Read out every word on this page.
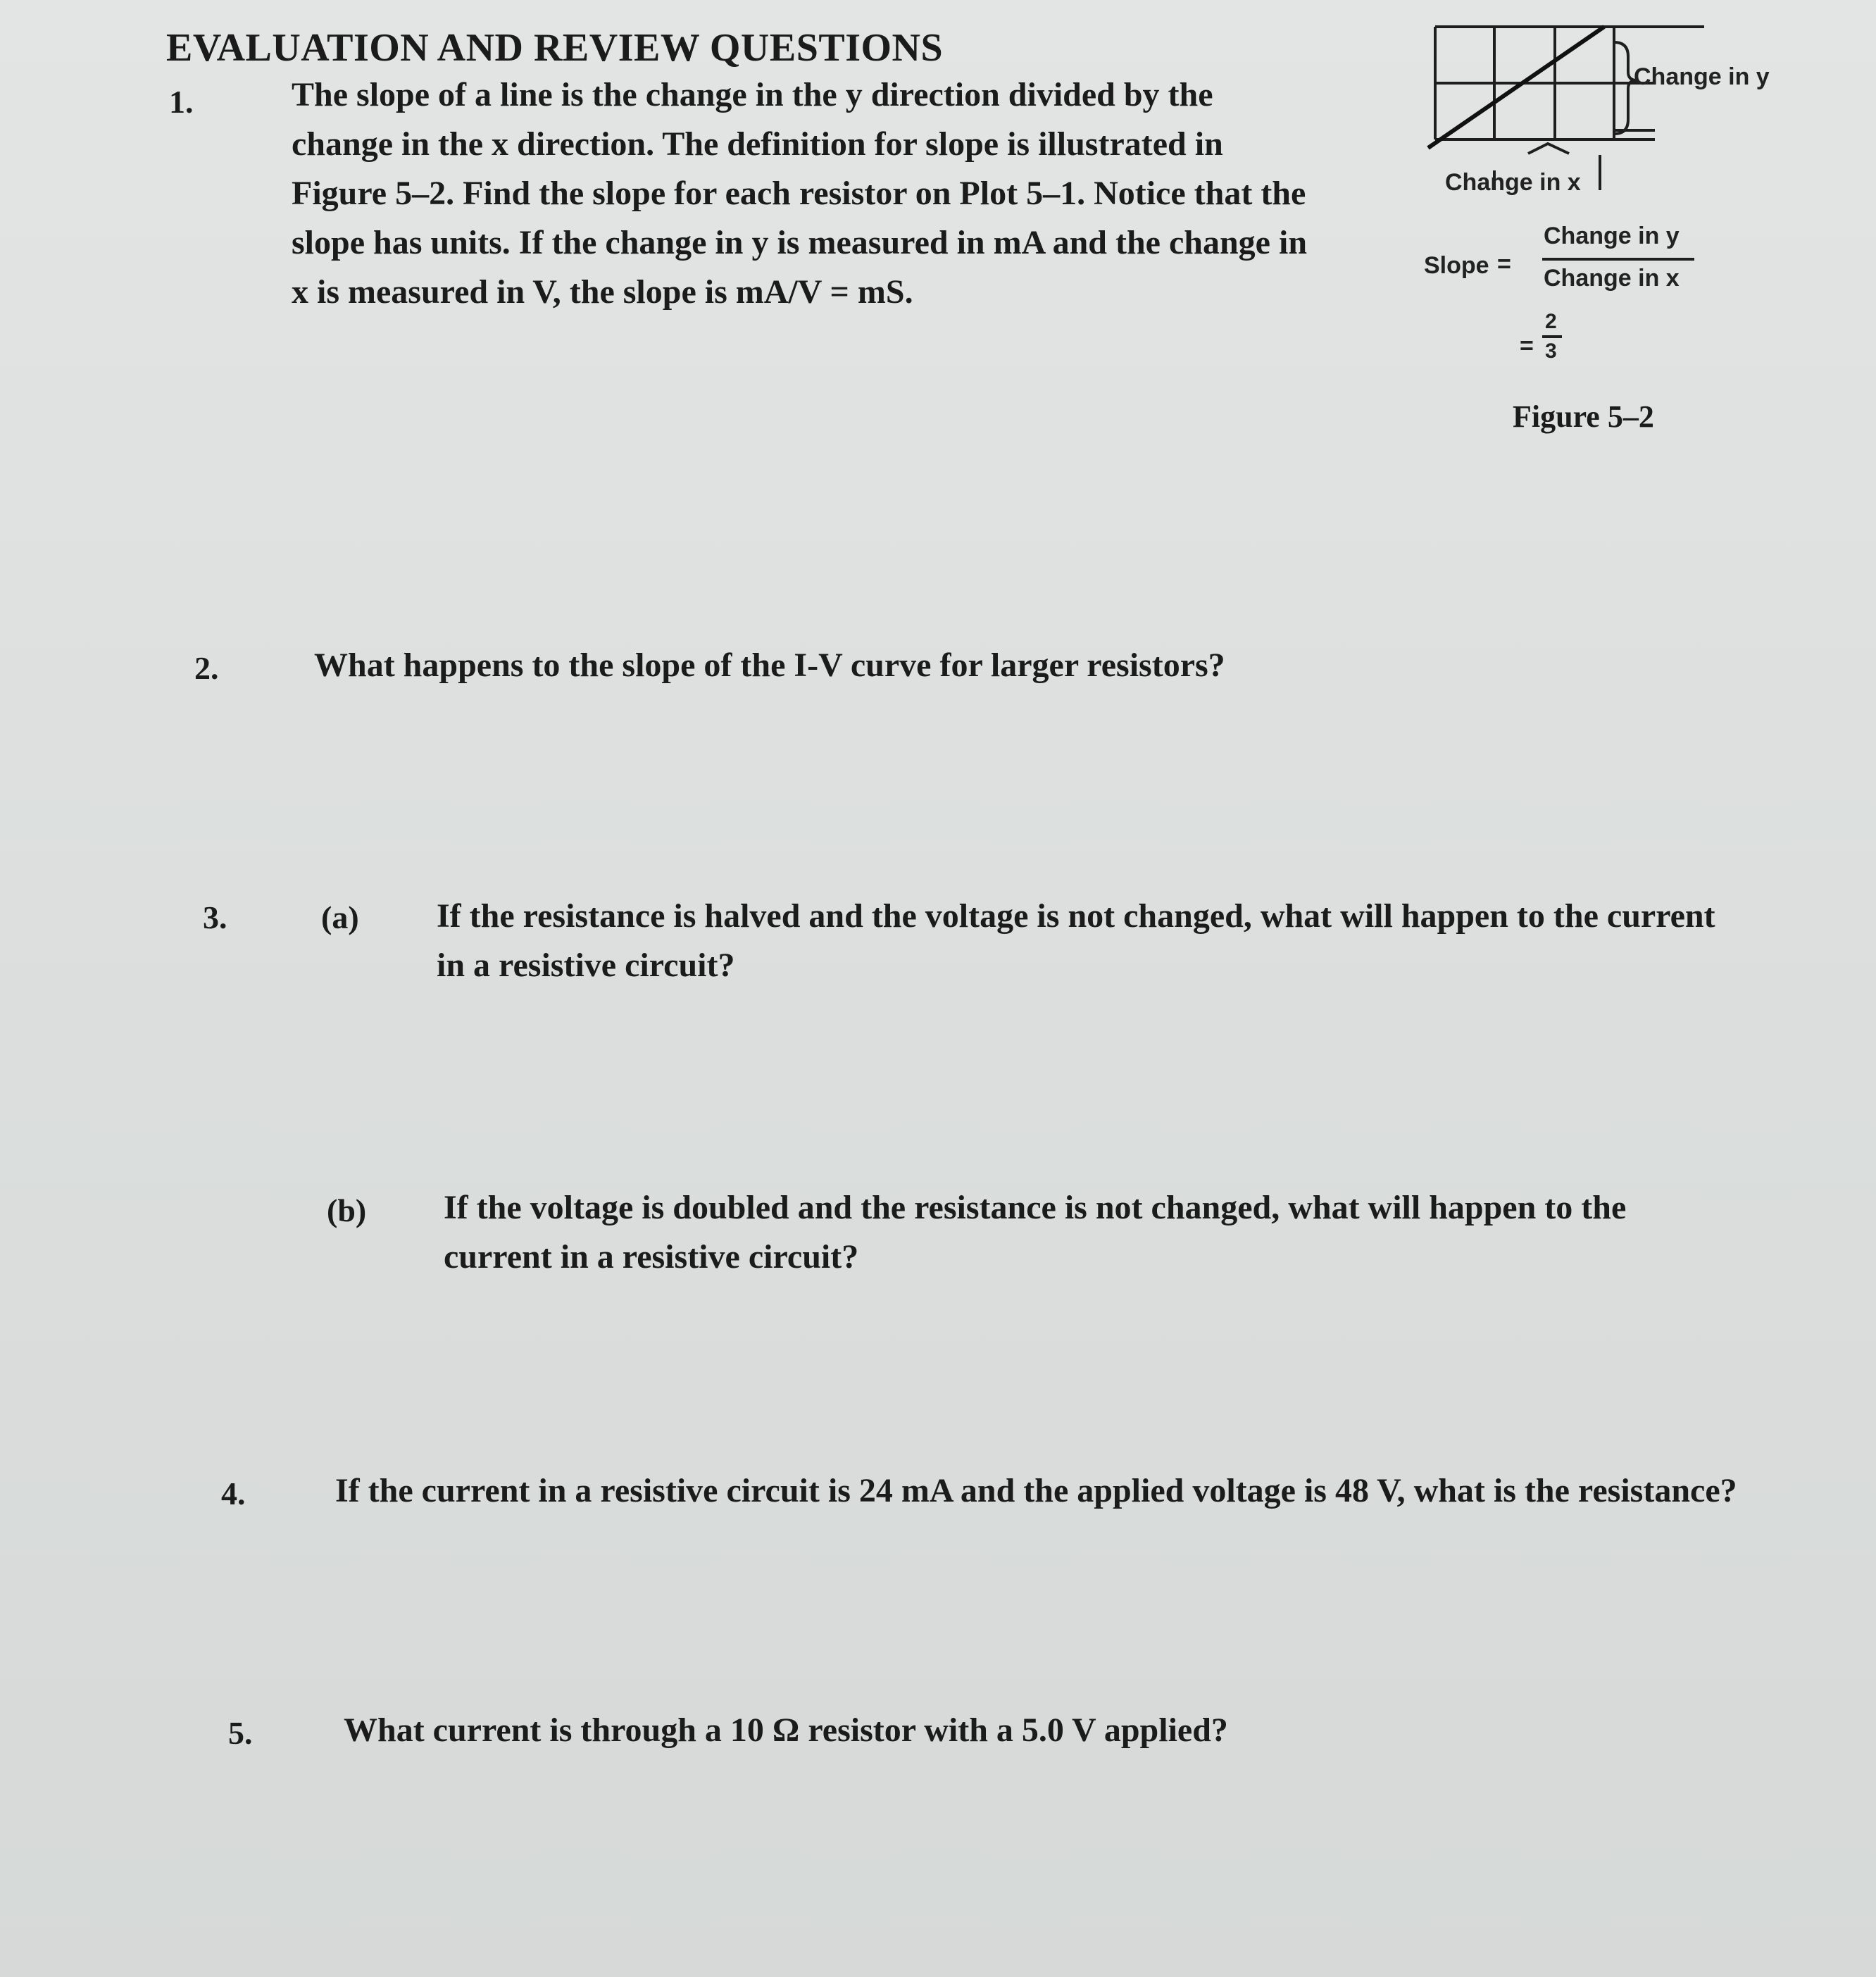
EVALUATION AND REVIEW QUESTIONS
1.	The slope of a line is the change in the y direction divided by the
change in the x direction. The definition for slope is illustrated in
Figure 5–2. Find the slope for each resistor on Plot 5–1. Notice that the
slope has units. If the change in y is measured in mA and the change in
x is measured in V, the slope is mA/V = mS.
Change in y
Change in x
Slope =
Change in y
Change in x
=
2
3
Figure 5–2
2.	What happens to the slope of the I-V curve for larger resistors?
3.	(a) If the resistance is halved and the voltage is not changed, what will happen to the current
in a resistive circuit?
(b) If the voltage is doubled and the resistance is not changed, what will happen to the
current in a resistive circuit?
4.	If the current in a resistive circuit is 24 mA and the applied voltage is 48 V, what is the resistance?
5.	What current is through a 10 Ω resistor with a 5.0 V applied?
